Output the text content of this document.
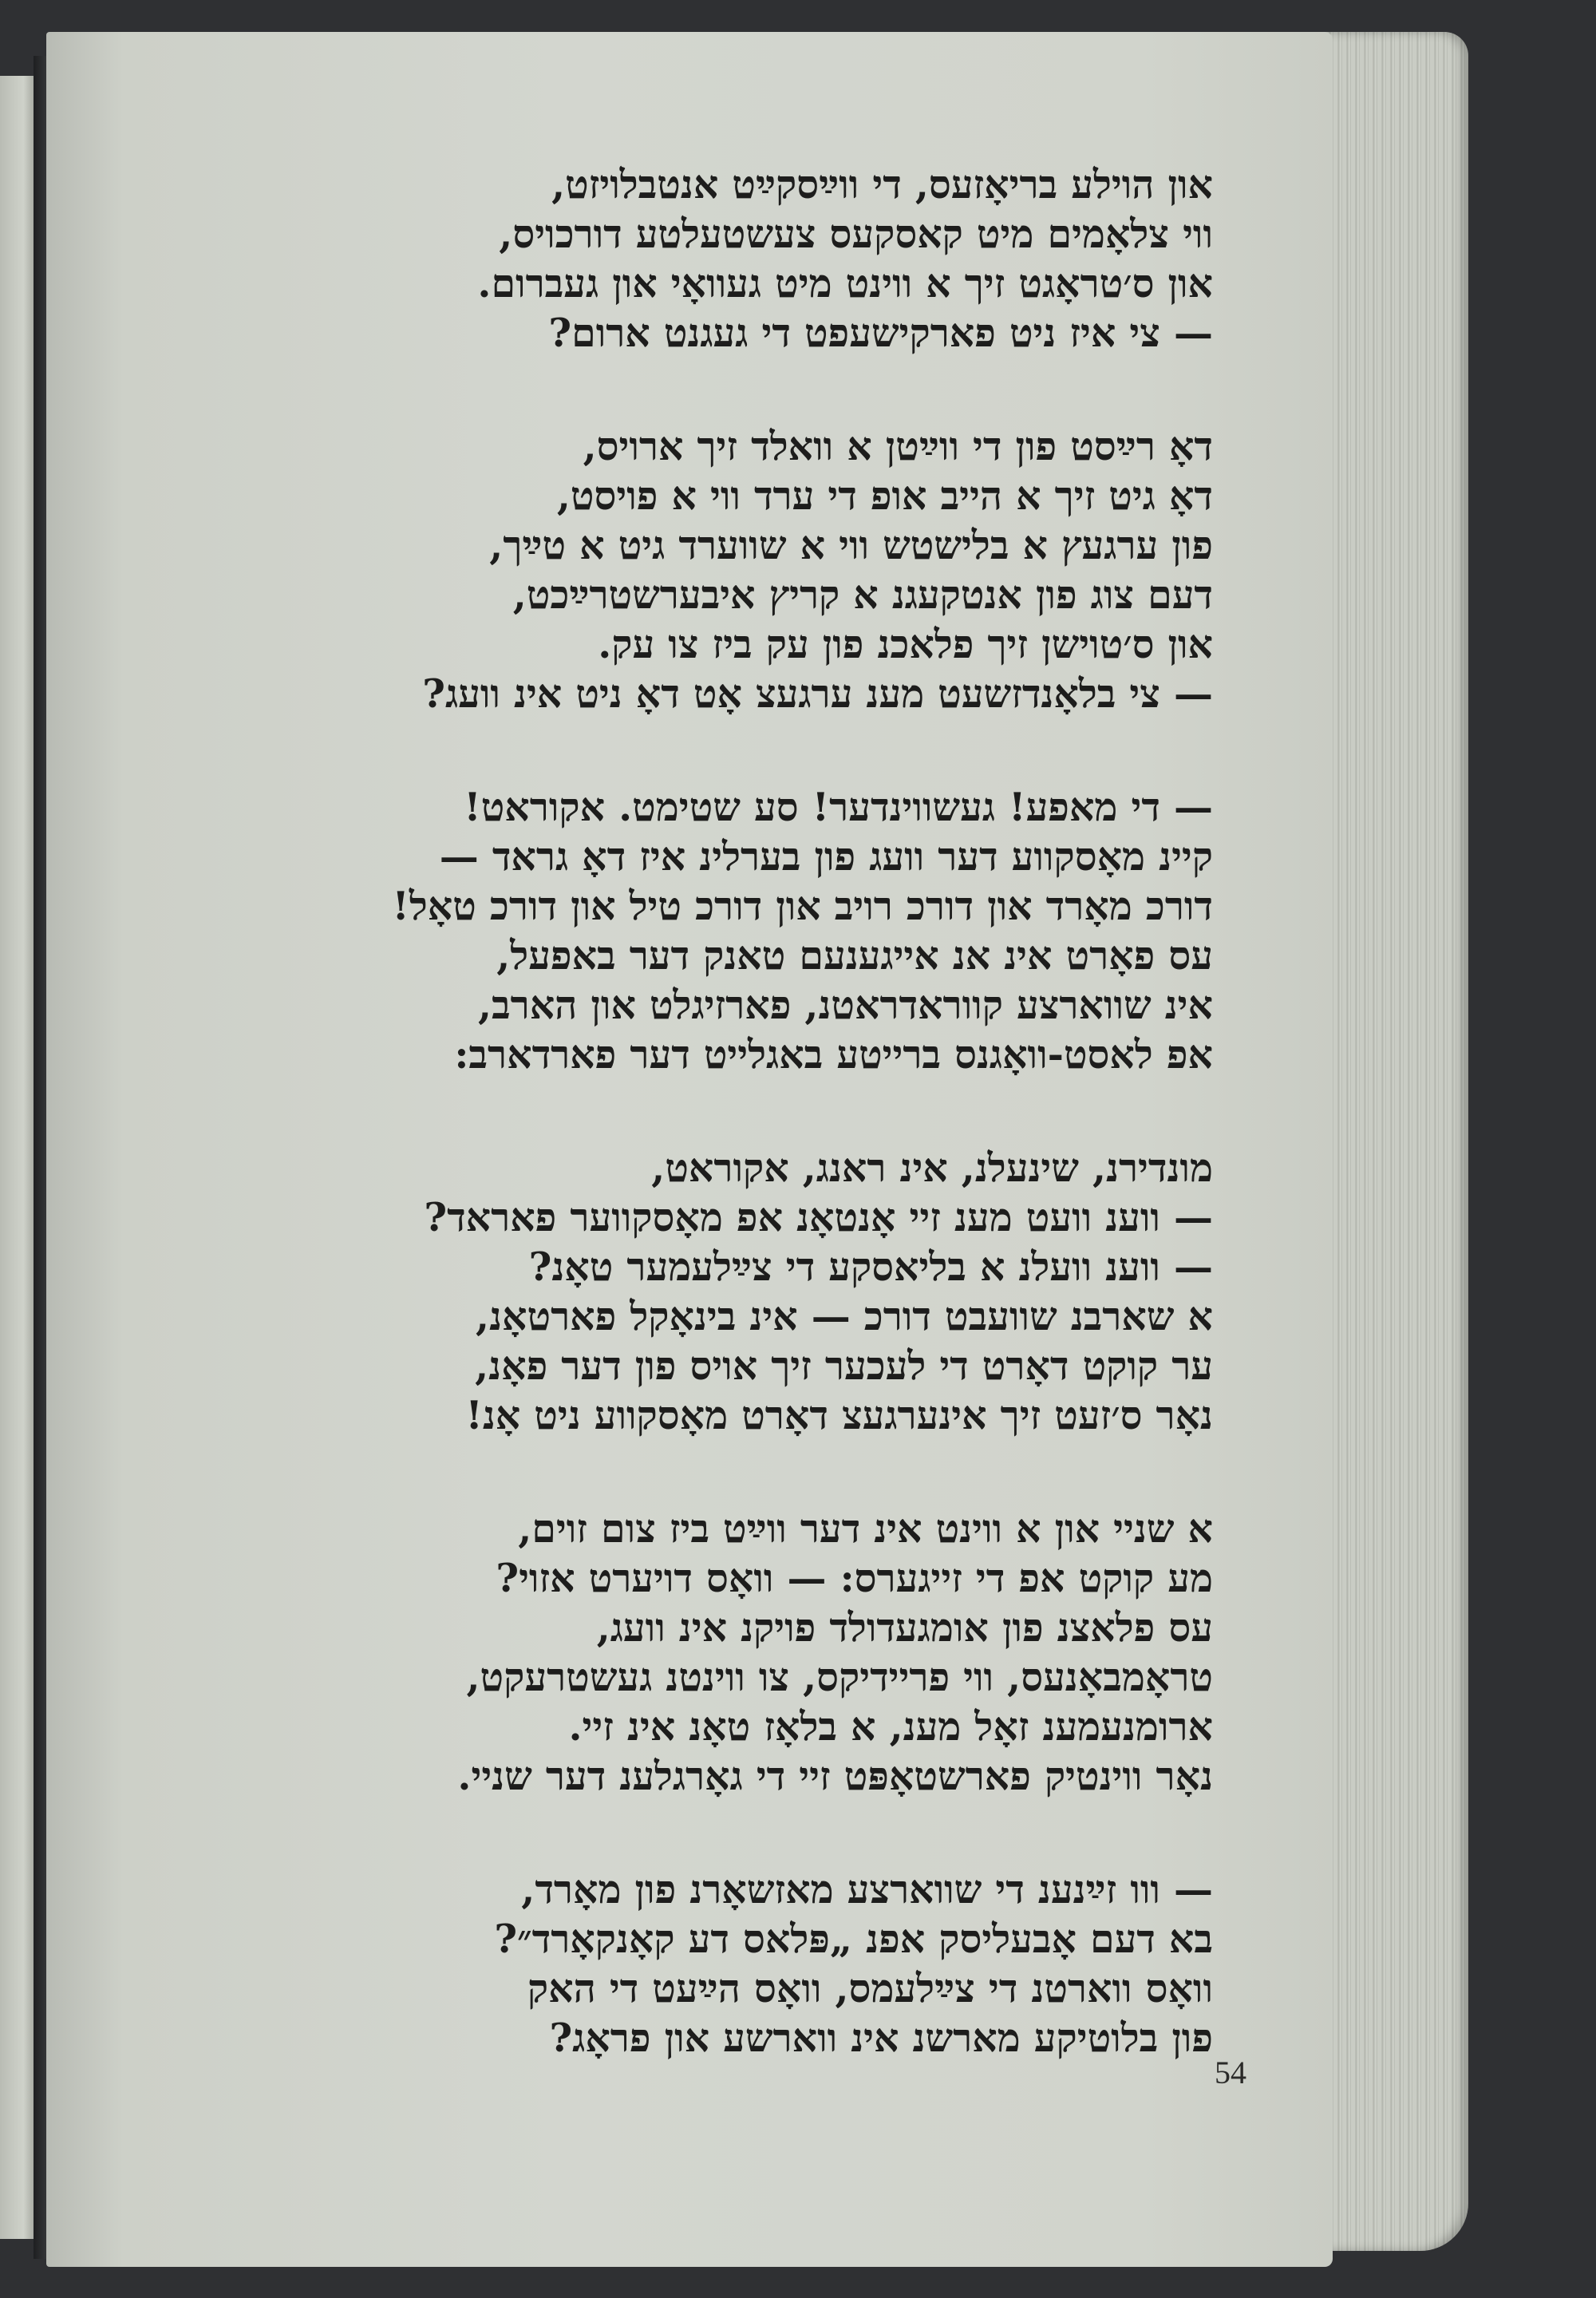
און הוילע בריאָזעס, די ווײַסקײַט אנטבלויזט,
ווי צלאָמים מיט קאסקעס צעשטעלטע דורכויס,
און ס׳טראָגט זיך א ווינט מיט געוואָי און געברום.
— צי איז ניט פארקישעפט די געגנט ארום?
דאָ רײַסט פון די ווײַטן א וואלד זיך ארויס,
דאָ גיט זיך א הייב אופ די ערד ווי א פויסט,
פון ערגעץ א בלישטש ווי א שווערד גיט א טײַך,
דעם צוג פון אנטקעגנ א קריץ איבערשטרײַכט,
און ס׳טוישן זיך פלאכנ פון עק ביז צו עק.
— צי בלאָנדזשעט מענ ערגעצ אָט דאָ ניט אינ וועג?
— די מאפע! געשווינדער! סע שטימט. אקוראט!
קיינ מאָסקווע דער וועג פון בערלינ איז דאָ גראד —
דורכ מאָרד און דורכ רויב און דורכ טיל און דורכ טאָל!
עס פאָרט אינ אנ אייגענעם טאנק דער באפעל,
אינ שווארצע קווראדראטנ, פארזיגלט און הארב,
אפ לאסט-וואָגנס ברייטע באגלייט דער פארדארב:
מונדירנ, שינעלנ, אינ ראנג, אקוראט,
— ווענ וועט מענ זיי אָנטאָנ אפ מאָסקווער פאראד?
— ווענ וועלנ א בליאסקע די צײַלעמער טאָנ?
א שארבנ שוועבט דורכ — אינ בינאָקל פארטאָנ,
ער קוקט דאָרט די לעכער זיך אויס פון דער פאָנ,
נאָר ס׳זעט זיך אינערגעצ דאָרט מאָסקווע ניט אָנ!
א שניי און א ווינט אינ דער ווײַט ביז צום זוים,
מע קוקט אפ די זייגערס: — וואָס דויערט אזוי?
עס פלאצנ פון אומגעדולד פויקנ אינ וועג,
טראָמבאָנעס, ווי פריידיקס, צו ווינטנ געשטרעקט,
ארומנעמענ זאָל מענ, א בלאָז טאָנ אינ זיי.
נאָר ווינטיק פארשטאָפּט זיי די גאָרגלענ דער שניי.
— ווו זײַנענ די שווארצע מאזשאָרנ פון מאָרד,
בא דעם אָבעליסק אפנ „פּלאס דע קאָנקאָרד״?
וואָס ווארטנ די צײַלעמס, וואָס הײַעט די האק
פון בלוטיקע מארשנ אינ ווארשע און פראָג?
54
